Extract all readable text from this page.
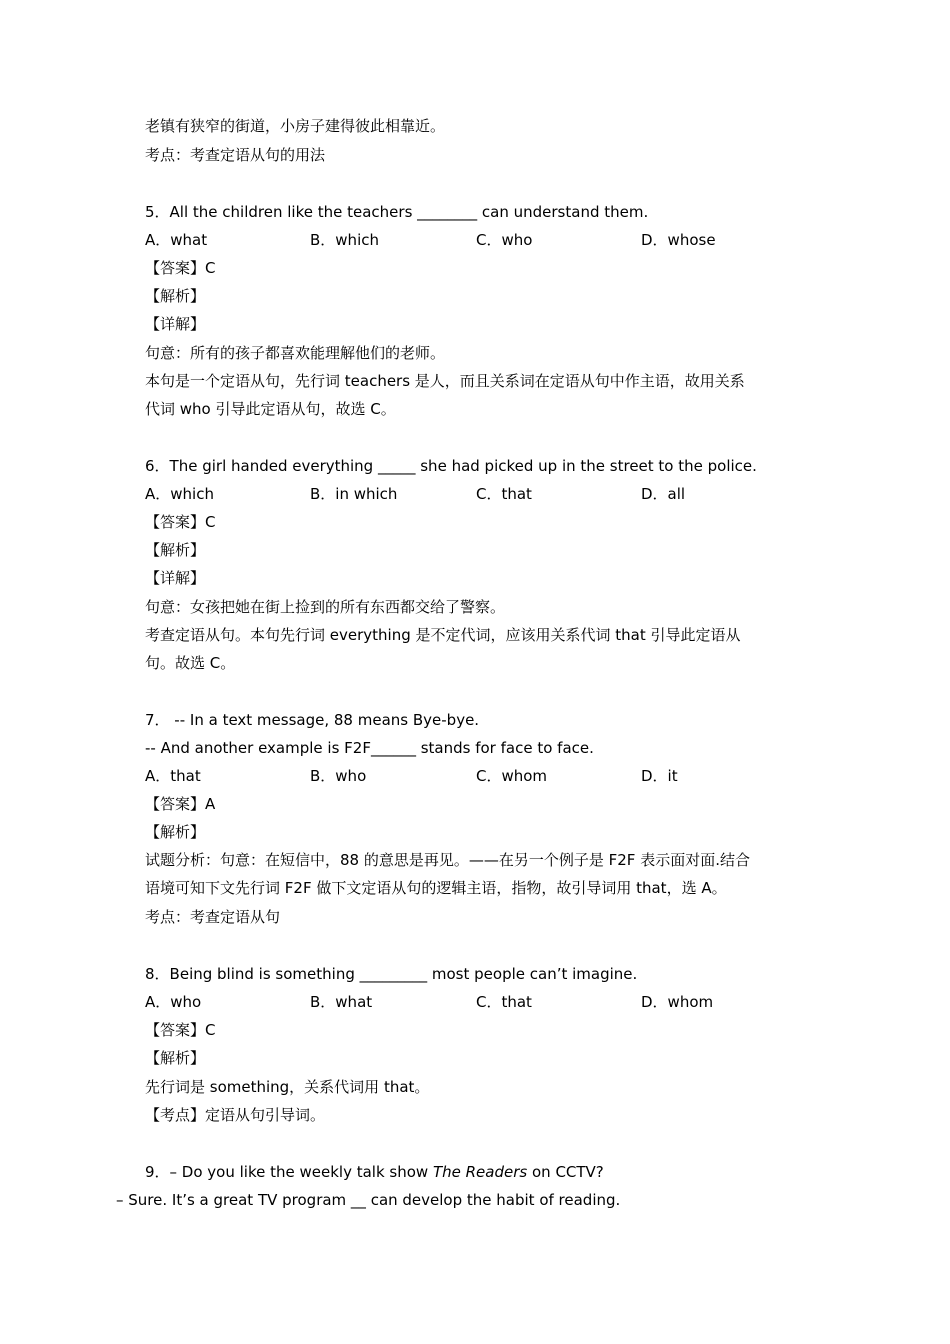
老镇有狭窄的街道，小房子建得彼此相靠近。

考点：考查定语从句的用法

5．All the children like the teachers ________ can understand them.

A．what	B．which	C．who	D．whose

【答案】C

【解析】

【详解】

句意：所有的孩子都喜欢能理解他们的老师。

本句是一个定语从句，先行词 teachers 是人，而且关系词在定语从句中作主语，故用关系

代词 who 引导此定语从句，故选 C。

6．The girl handed everything _____ she had picked up in the street to the police.

A．which	B．in which	C．that	D．all

【答案】C

【解析】

【详解】

句意：女孩把她在街上捡到的所有东西都交给了警察。

考查定语从句。本句先行词 everything 是不定代词，应该用关系代词 that 引导此定语从

句。故选 C。

7． -- In a text message, 88 means Bye-bye.

-- And another example is F2F______ stands for face to face.

A．that	B．who	C．whom	D．it

【答案】A

【解析】

试题分析：句意：在短信中，88 的意思是再见。——在另一个例子是 F2F 表示面对面.结合

语境可知下文先行词 F2F 做下文定语从句的逻辑主语，指物，故引导词用 that，选 A。

考点：考查定语从句

8．Being blind is something _________ most people can’t imagine.

A．who	B．what	C．that	D．whom

【答案】C

【解析】

先行词是 something，关系代词用 that。

【考点】定语从句引导词。

9．– Do you like the weekly talk show The Readers on CCTV?

– Sure. It’s a great TV program __ can develop the habit of reading.
